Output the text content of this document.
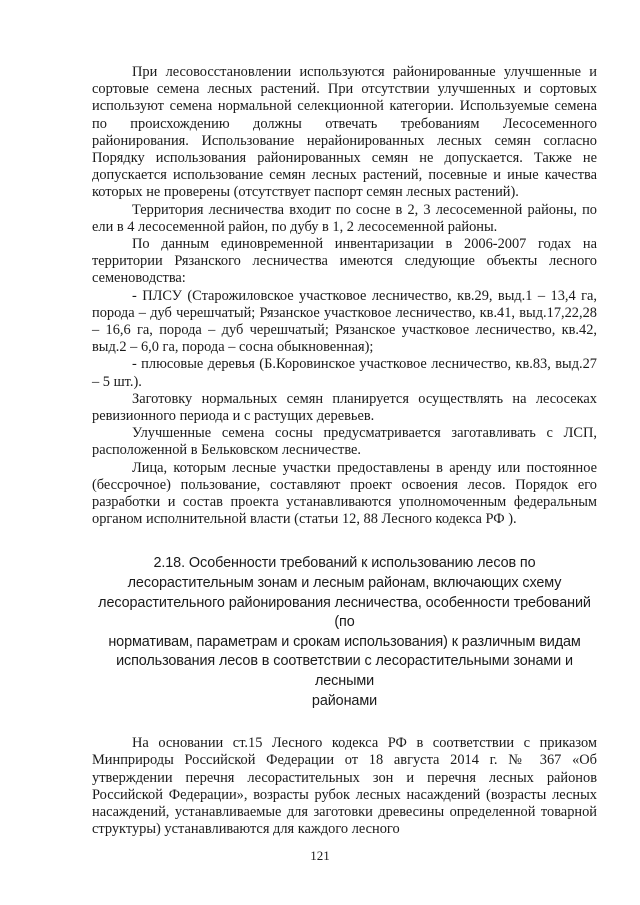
При лесовосстановлении используются районированные улучшенные и сортовые семена лесных растений. При отсутствии улучшенных и сортовых используют семена нормальной селекционной категории. Используемые семена по происхождению должны отвечать требованиям Лесосеменного районирования. Использование нерайонированных лесных семян согласно Порядку использования районированных семян не допускается. Также не допускается использование семян лесных растений, посевные и иные качества которых не проверены (отсутствует паспорт семян лесных растений).

Территория лесничества входит по сосне в 2, 3 лесосеменной районы, по ели в 4 лесосеменной район, по дубу в 1, 2 лесосеменной районы.

По данным единовременной инвентаризации в 2006-2007 годах на территории Рязанского лесничества имеются следующие объекты лесного семеноводства:

- ПЛСУ (Старожиловское участковое лесничество, кв.29, выд.1 – 13,4 га, порода – дуб черешчатый; Рязанское участковое лесничество, кв.41, выд.17,22,28 – 16,6 га, порода – дуб черешчатый; Рязанское участковое лесничество, кв.42, выд.2 – 6,0 га, порода – сосна обыкновенная);

- плюсовые деревья (Б.Коровинское участковое лесничество, кв.83, выд.27 – 5 шт.).

Заготовку нормальных семян планируется осуществлять на лесосеках ревизионного периода и с растущих деревьев.

Улучшенные семена сосны предусматривается заготавливать с ЛСП, расположенной в Бельковском лесничестве.

Лица, которым лесные участки предоставлены в аренду или постоянное (бессрочное) пользование, составляют проект освоения лесов. Порядок его разработки и состав проекта устанавливаются уполномоченным федеральным органом исполнительной власти (статьи 12, 88 Лесного кодекса РФ ).

2.18. Особенности требований к использованию лесов по
лесорастительным зонам и лесным районам, включающих схему
лесорастительного районирования лесничества, особенности требований (по
нормативам, параметрам и срокам использования) к различным видам
использования лесов в соответствии с лесорастительными зонами и лесными
районами

На основании ст.15 Лесного кодекса РФ в соответствии с приказом Минприроды Российской Федерации от 18 августа 2014 г. № 367 «Об утверждении перечня лесорастительных зон и перечня лесных районов Российской Федерации», возрасты рубок лесных насаждений (возрасты лесных насаждений, устанавливаемые для заготовки древесины определенной товарной структуры) устанавливаются для каждого лесного

121
